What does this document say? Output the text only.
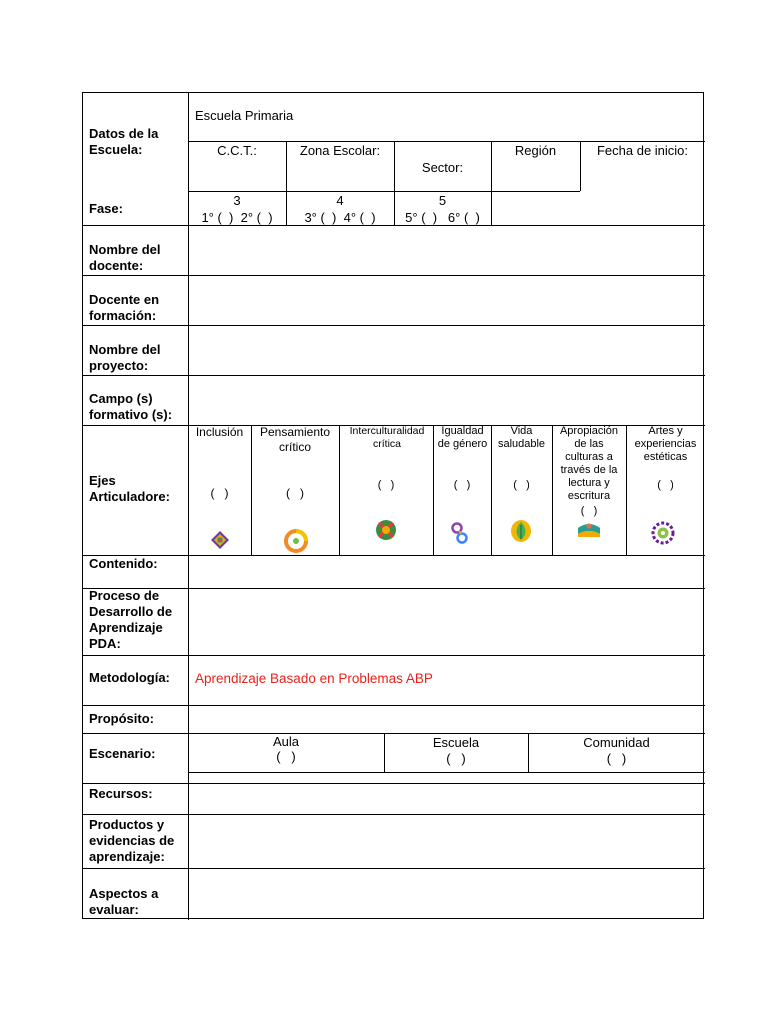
Datos de la Escuela:
Fase:
Nombre del docente:
Docente en formación:
Nombre del proyecto:
Campo (s) formativo (s):
Ejes Articuladore:
Contenido:
Proceso de Desarrollo de Aprendizaje PDA:
Metodología:
Propósito:
Escenario:
Recursos:
Productos y evidencias de aprendizaje:
Aspectos a evaluar:
Escuela Primaria
C.C.T.:	Zona Escolar:
Sector:
Región	Fecha de inicio:
3
1° (  )  2° (  )
4
3° (  )  4° (  )
5
5° (  )   6° (  )
Inclusión
(   )
Pensamiento crítico
(   )
Interculturalidad crítica
(   )
Igualdad de género
(   )
Vida saludable
(   )
Apropiación de las culturas a través de la lectura y escritura
(   )
Artes y experiencias estéticas
(   )
Aprendizaje Basado en Problemas ABP
Aula
(   )
Escuela
(   )
Comunidad
(   )
